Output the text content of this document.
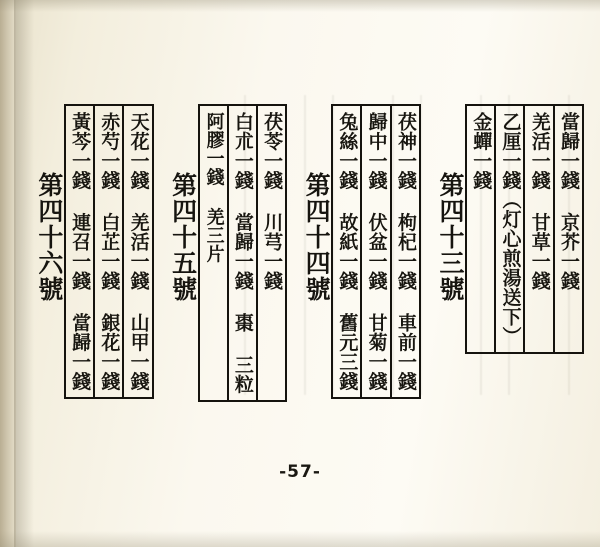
第四十三號	當歸一錢 京芥一錢
羌活一錢 甘草一錢
乙厘一錢（灯心煎湯送下）
金蟬一錢
第四十四號	茯神一錢 枸杞一錢 車前一錢
歸中一錢 伏盆一錢 甘菊一錢
兔絲一錢 故紙一錢 舊元三錢
第四十五號	茯苓一錢 川芎一錢
白朮一錢 當歸一錢 棗 三粒
阿膠一錢 羌三片
第四十六號	天花一錢 羌活一錢 山甲一錢
赤芍一錢 白芷一錢 銀花一錢
黃芩一錢 連召一錢 當歸一錢
-57-
